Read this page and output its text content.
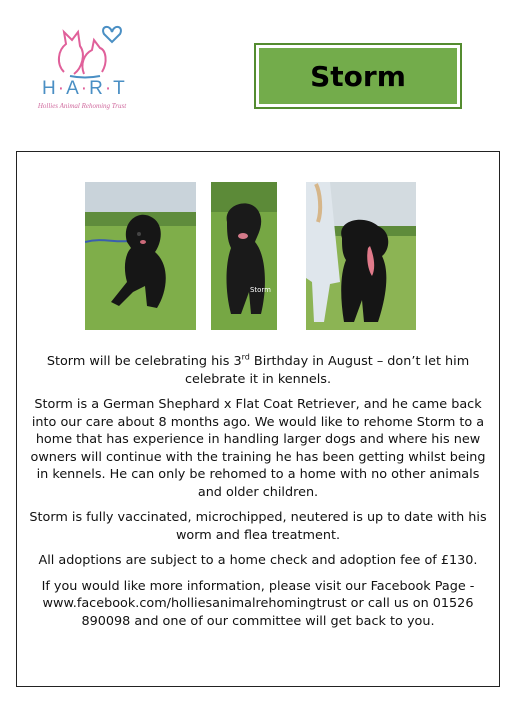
H·A·R·T
Hollies Animal Rehoming Trust
Storm
Storm

Storm will be celebrating his 3rd Birthday in August – don’t let him celebrate it in kennels.

Storm is a German Shephard x Flat Coat Retriever, and he came back into our care about 8 months ago. We would like to rehome Storm to a home that has experience in handling larger dogs and where his new owners will continue with the training he has been getting whilst being in kennels. He can only be rehomed to a home with no other animals and older children.

Storm is fully vaccinated, microchipped, neutered is up to date with his worm and flea treatment.

All adoptions are subject to a home check and adoption fee of £130.

If you would like more information, please visit our Facebook Page - www.facebook.com/holliesanimalrehomingtrust or call us on 01526 890098 and one of our committee will get back to you.
